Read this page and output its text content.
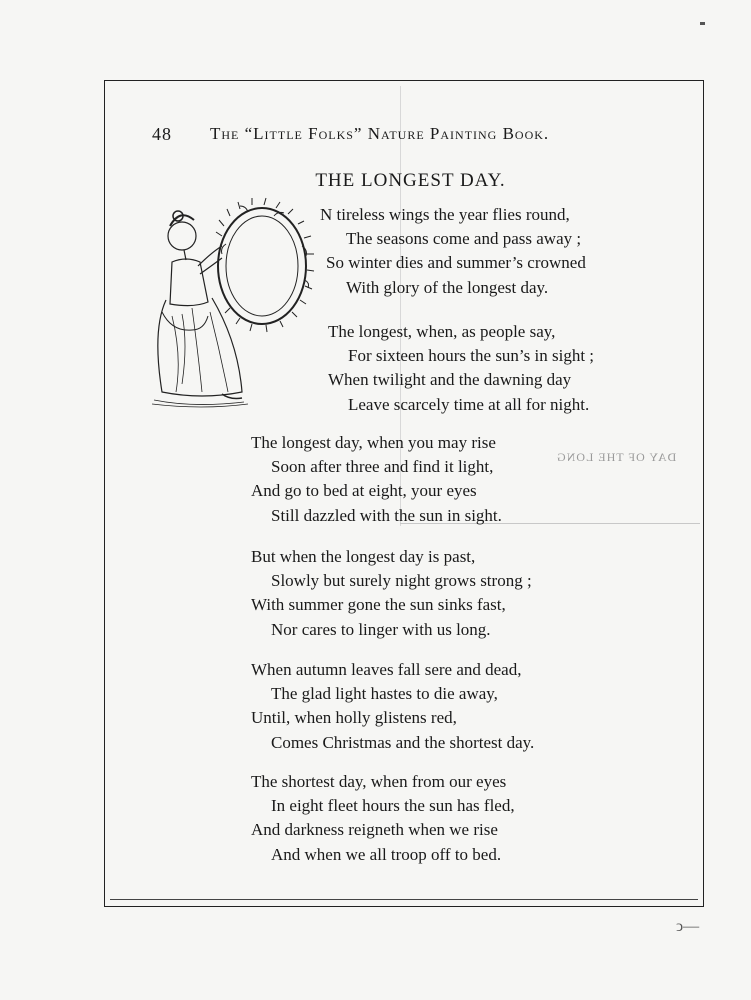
48 The “Little Folks” Nature Painting Book.
THE LONGEST DAY.
DAY OF THE LONG
N tireless wings the year flies round,
The seasons come and pass away ;
So winter dies and summer’s crowned
With glory of the longest day.
The longest, when, as people say,
For sixteen hours the sun’s in sight ;
When twilight and the dawning day
Leave scarcely time at all for night.
The longest day, when you may rise
Soon after three and find it light,
And go to bed at eight, your eyes
Still dazzled with the sun in sight.
But when the longest day is past,
Slowly but surely night grows strong ;
With summer gone the sun sinks fast,
Nor cares to linger with us long.
When autumn leaves fall sere and dead,
The glad light hastes to die away,
Until, when holly glistens red,
Comes Christmas and the shortest day.
The shortest day, when from our eyes
In eight fleet hours the sun has fled,
And darkness reigneth when we rise
And when we all troop off to bed.
ↄ—
